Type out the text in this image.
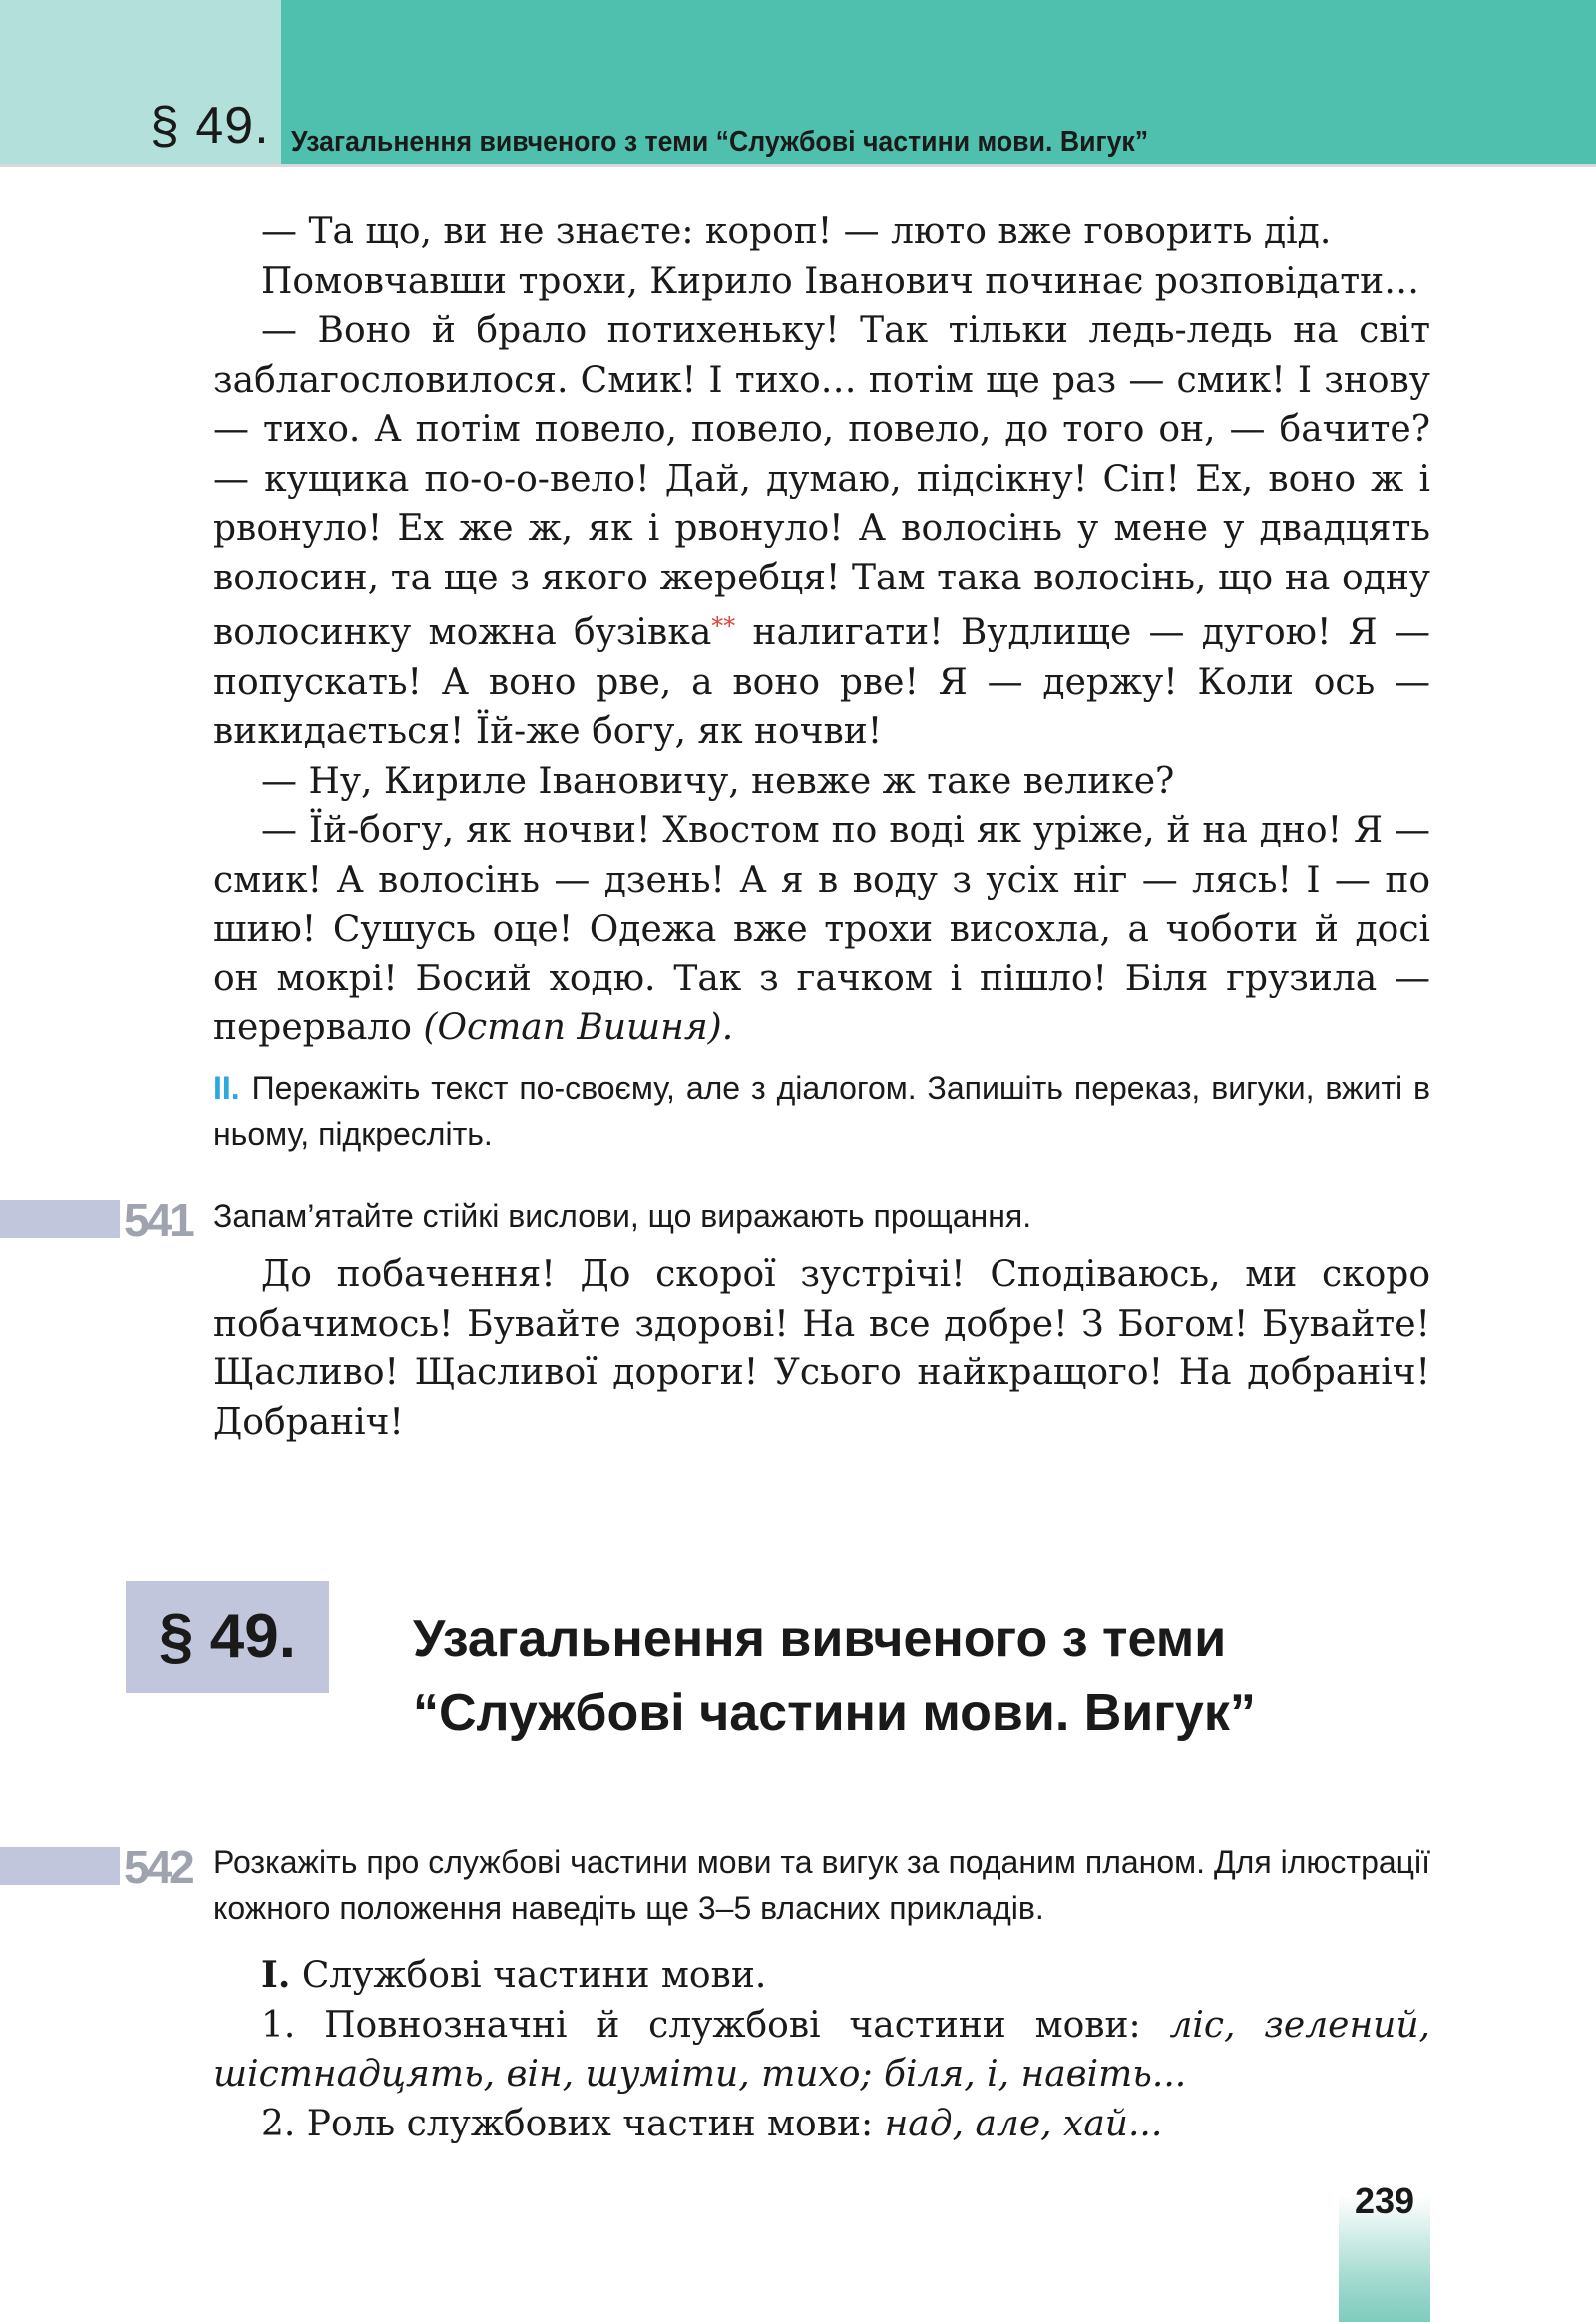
§ 49. Узагальнення вивченого з теми “Службові частини мови. Вигук”

— Та що, ви не знаєте: короп! — люто вже говорить дід.

Помовчавши трохи, Кирило Іванович починає розповідати…

— Воно й брало потихеньку! Так тільки ледь-ледь на світ заблагословилося. Смик! І тихо… потім ще раз — смик! І знову — тихо. А потім повело, повело, повело, до того он, — бачите? — кущика по-о-о-вело! Дай, думаю, підсікну! Сіп! Ех, воно ж і рвонуло! Ех же ж, як і рвонуло! А волосінь у мене у двадцять волосин, та ще з якого жеребця! Там така волосінь, що на одну волосинку можна бузівка** налигати! Вудлище — дугою! Я — попускать! А воно рве, а воно рве! Я — держу! Коли ось — викидається! Їй-же богу, як ночви!

— Ну, Кириле Івановичу, невже ж таке велике?

— Їй-богу, як ночви! Хвостом по воді як уріже, й на дно! Я — смик! А волосінь — дзень! А я в воду з усіх ніг — лясь! І — по шию! Сушусь оце! Одежа вже трохи висохла, а чоботи й досі он мокрі! Босий ходю. Так з гачком і пішло! Біля грузила — перервало (Остап Вишня).

II. Перекажіть текст по-своєму, але з діалогом. Запишіть переказ, вигуки, вжиті в ньому, підкресліть.
541 Запам’ятайте стійкі вислови, що виражають прощання.

До побачення! До скорої зустрічі! Сподіваюсь, ми скоро побачимось! Бувайте здорові! На все добре! З Богом! Бувайте! Щасливо! Щасливої дороги! Усього найкращого! На добраніч! Добраніч!

§ 49.	Узагальнення вивченого з теми
“Службові частини мови. Вигук”
542 Розкажіть про службові частини мови та вигук за поданим планом. Для ілюстрації кожного положення наведіть ще 3–5 власних прикладів.

І. Службові частини мови.

1. Повнозначні й службові частини мови: ліс, зелений, шістнадцять, він, шуміти, тихо; біля, і, навіть...

2. Роль службових частин мови: над, але, хай...

239
